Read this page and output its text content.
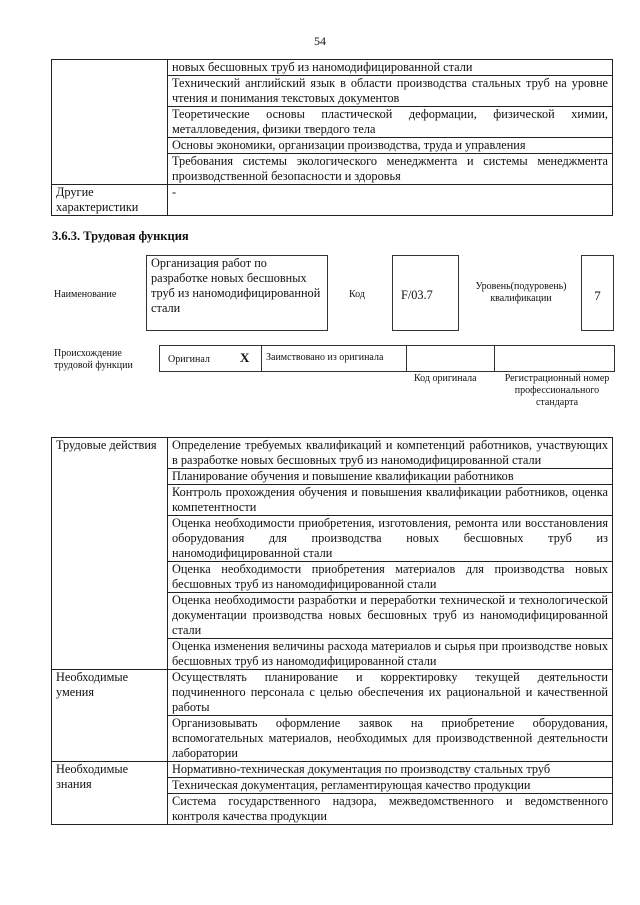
54
	новых бесшовных труб из наномодифицированной стали
	Технический английский язык в области производства стальных труб на уровне чтения и понимания текстовых документов
	Теоретические основы пластической деформации, физической химии, металловедения, физики твердого тела
	Основы экономики, организации производства, труда и управления
	Требования системы экологического менеджмента и системы менеджмента производственной безопасности и здоровья
Другие характеристики	-
3.6.3. Трудовая функция
Наименование
Организация работ по разработке новых бесшовных труб из наномодифицированной стали
Код	F/03.7
Уровень(подуровень) квалификации	7
Происхождение трудовой функции
Оригинал X Заимствовано из оригинала
Код оригинала	Регистрационный номер профессионального стандарта
Трудовые действия	Определение требуемых квалификаций и компетенций работников, участвующих в разработке новых бесшовных труб из наномодифицированной стали
	Планирование обучения и повышение квалификации работников
	Контроль прохождения обучения и повышения квалификации работников, оценка компетентности
	Оценка необходимости приобретения, изготовления, ремонта или восстановления оборудования для производства новых бесшовных труб из наномодифицированной стали
	Оценка необходимости приобретения материалов для производства новых бесшовных труб из наномодифицированной стали
	Оценка необходимости разработки и переработки технической и технологической документации производства новых бесшовных труб из наномодифицированной стали
	Оценка изменения величины расхода материалов и сырья при производстве новых бесшовных труб из наномодифицированной стали
Необходимые умения	Осуществлять планирование и корректировку текущей деятельности подчиненного персонала с целью обеспечения их рациональной и качественной работы
	Организовывать оформление заявок на приобретение оборудования, вспомогательных материалов, необходимых для производственной деятельности лаборатории
Необходимые знания	Нормативно-техническая документация по производству стальных труб
	Техническая документация, регламентирующая качество продукции
	Система государственного надзора, межведомственного и ведомственного контроля качества продукции
